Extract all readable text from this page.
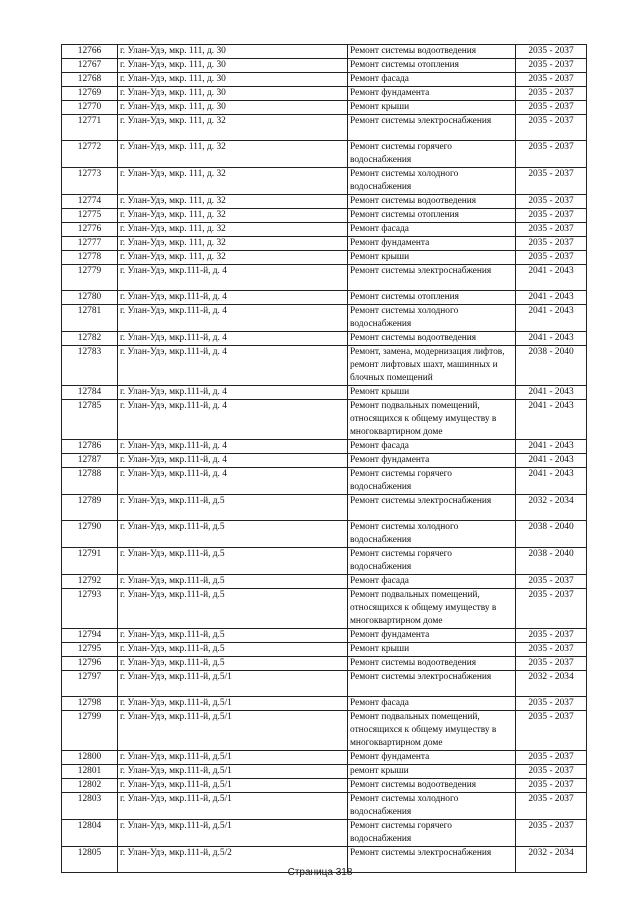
12766	г. Улан-Удэ, мкр. 111, д. 30	Ремонт системы водоотведения	2035 - 2037
12767	г. Улан-Удэ, мкр. 111, д. 30	Ремонт системы отопления	2035 - 2037
12768	г. Улан-Удэ, мкр. 111, д. 30	Ремонт фасада	2035 - 2037
12769	г. Улан-Удэ, мкр. 111, д. 30	Ремонт фундамента	2035 - 2037
12770	г. Улан-Удэ, мкр. 111, д. 30	Ремонт крыши	2035 - 2037
12771	г. Улан-Удэ, мкр. 111, д. 32	Ремонт системы электроснабжения	2035 - 2037
12772	г. Улан-Удэ, мкр. 111, д. 32	Ремонт системы горячего водоснабжения	2035 - 2037
12773	г. Улан-Удэ, мкр. 111, д. 32	Ремонт системы холодного водоснабжения	2035 - 2037
12774	г. Улан-Удэ, мкр. 111, д. 32	Ремонт системы водоотведения	2035 - 2037
12775	г. Улан-Удэ, мкр. 111, д. 32	Ремонт системы отопления	2035 - 2037
12776	г. Улан-Удэ, мкр. 111, д. 32	Ремонт фасада	2035 - 2037
12777	г. Улан-Удэ, мкр. 111, д. 32	Ремонт фундамента	2035 - 2037
12778	г. Улан-Удэ, мкр. 111, д. 32	Ремонт крыши	2035 - 2037
12779	г. Улан-Удэ, мкр.111-й, д. 4	Ремонт системы электроснабжения	2041 - 2043
12780	г. Улан-Удэ, мкр.111-й, д. 4	Ремонт системы отопления	2041 - 2043
12781	г. Улан-Удэ, мкр.111-й, д. 4	Ремонт системы холодного водоснабжения	2041 - 2043
12782	г. Улан-Удэ, мкр.111-й, д. 4	Ремонт системы водоотведения	2041 - 2043
12783	г. Улан-Удэ, мкр.111-й, д. 4	Ремонт, замена, модернизация лифтов, ремонт лифтовых шахт, машинных и блочных помещений	2038 - 2040
12784	г. Улан-Удэ, мкр.111-й, д. 4	Ремонт крыши	2041 - 2043
12785	г. Улан-Удэ, мкр.111-й, д. 4	Ремонт подвальных помещений, относящихся к общему имуществу в многоквартирном доме	2041 - 2043
12786	г. Улан-Удэ, мкр.111-й, д. 4	Ремонт фасада	2041 - 2043
12787	г. Улан-Удэ, мкр.111-й, д. 4	Ремонт фундамента	2041 - 2043
12788	г. Улан-Удэ, мкр.111-й, д. 4	Ремонт системы горячего водоснабжения	2041 - 2043
12789	г. Улан-Удэ, мкр.111-й, д.5	Ремонт системы электроснабжения	2032 - 2034
12790	г. Улан-Удэ, мкр.111-й, д.5	Ремонт системы холодного водоснабжения	2038 - 2040
12791	г. Улан-Удэ, мкр.111-й, д.5	Ремонт системы горячего водоснабжения	2038 - 2040
12792	г. Улан-Удэ, мкр.111-й, д.5	Ремонт фасада	2035 - 2037
12793	г. Улан-Удэ, мкр.111-й, д.5	Ремонт подвальных помещений, относящихся к общему имуществу в многоквартирном доме	2035 - 2037
12794	г. Улан-Удэ, мкр.111-й, д.5	Ремонт фундамента	2035 - 2037
12795	г. Улан-Удэ, мкр.111-й, д.5	Ремонт крыши	2035 - 2037
12796	г. Улан-Удэ, мкр.111-й, д.5	Ремонт системы водоотведения	2035 - 2037
12797	г. Улан-Удэ, мкр.111-й, д.5/1	Ремонт системы электроснабжения	2032 - 2034
12798	г. Улан-Удэ, мкр.111-й, д.5/1	Ремонт фасада	2035 - 2037
12799	г. Улан-Удэ, мкр.111-й, д.5/1	Ремонт подвальных помещений, относящихся к общему имуществу в многоквартирном доме	2035 - 2037
12800	г. Улан-Удэ, мкр.111-й, д.5/1	Ремонт фундамента	2035 - 2037
12801	г. Улан-Удэ, мкр.111-й, д.5/1	ремонт крыши	2035 - 2037
12802	г. Улан-Удэ, мкр.111-й, д.5/1	Ремонт системы водоотведения	2035 - 2037
12803	г. Улан-Удэ, мкр.111-й, д.5/1	Ремонт системы холодного водоснабжения	2035 - 2037
12804	г. Улан-Удэ, мкр.111-й, д.5/1	Ремонт системы горячего водоснабжения	2035 - 2037
12805	г. Улан-Удэ, мкр.111-й, д.5/2	Ремонт системы электроснабжения	2032 - 2034
Страница 318
